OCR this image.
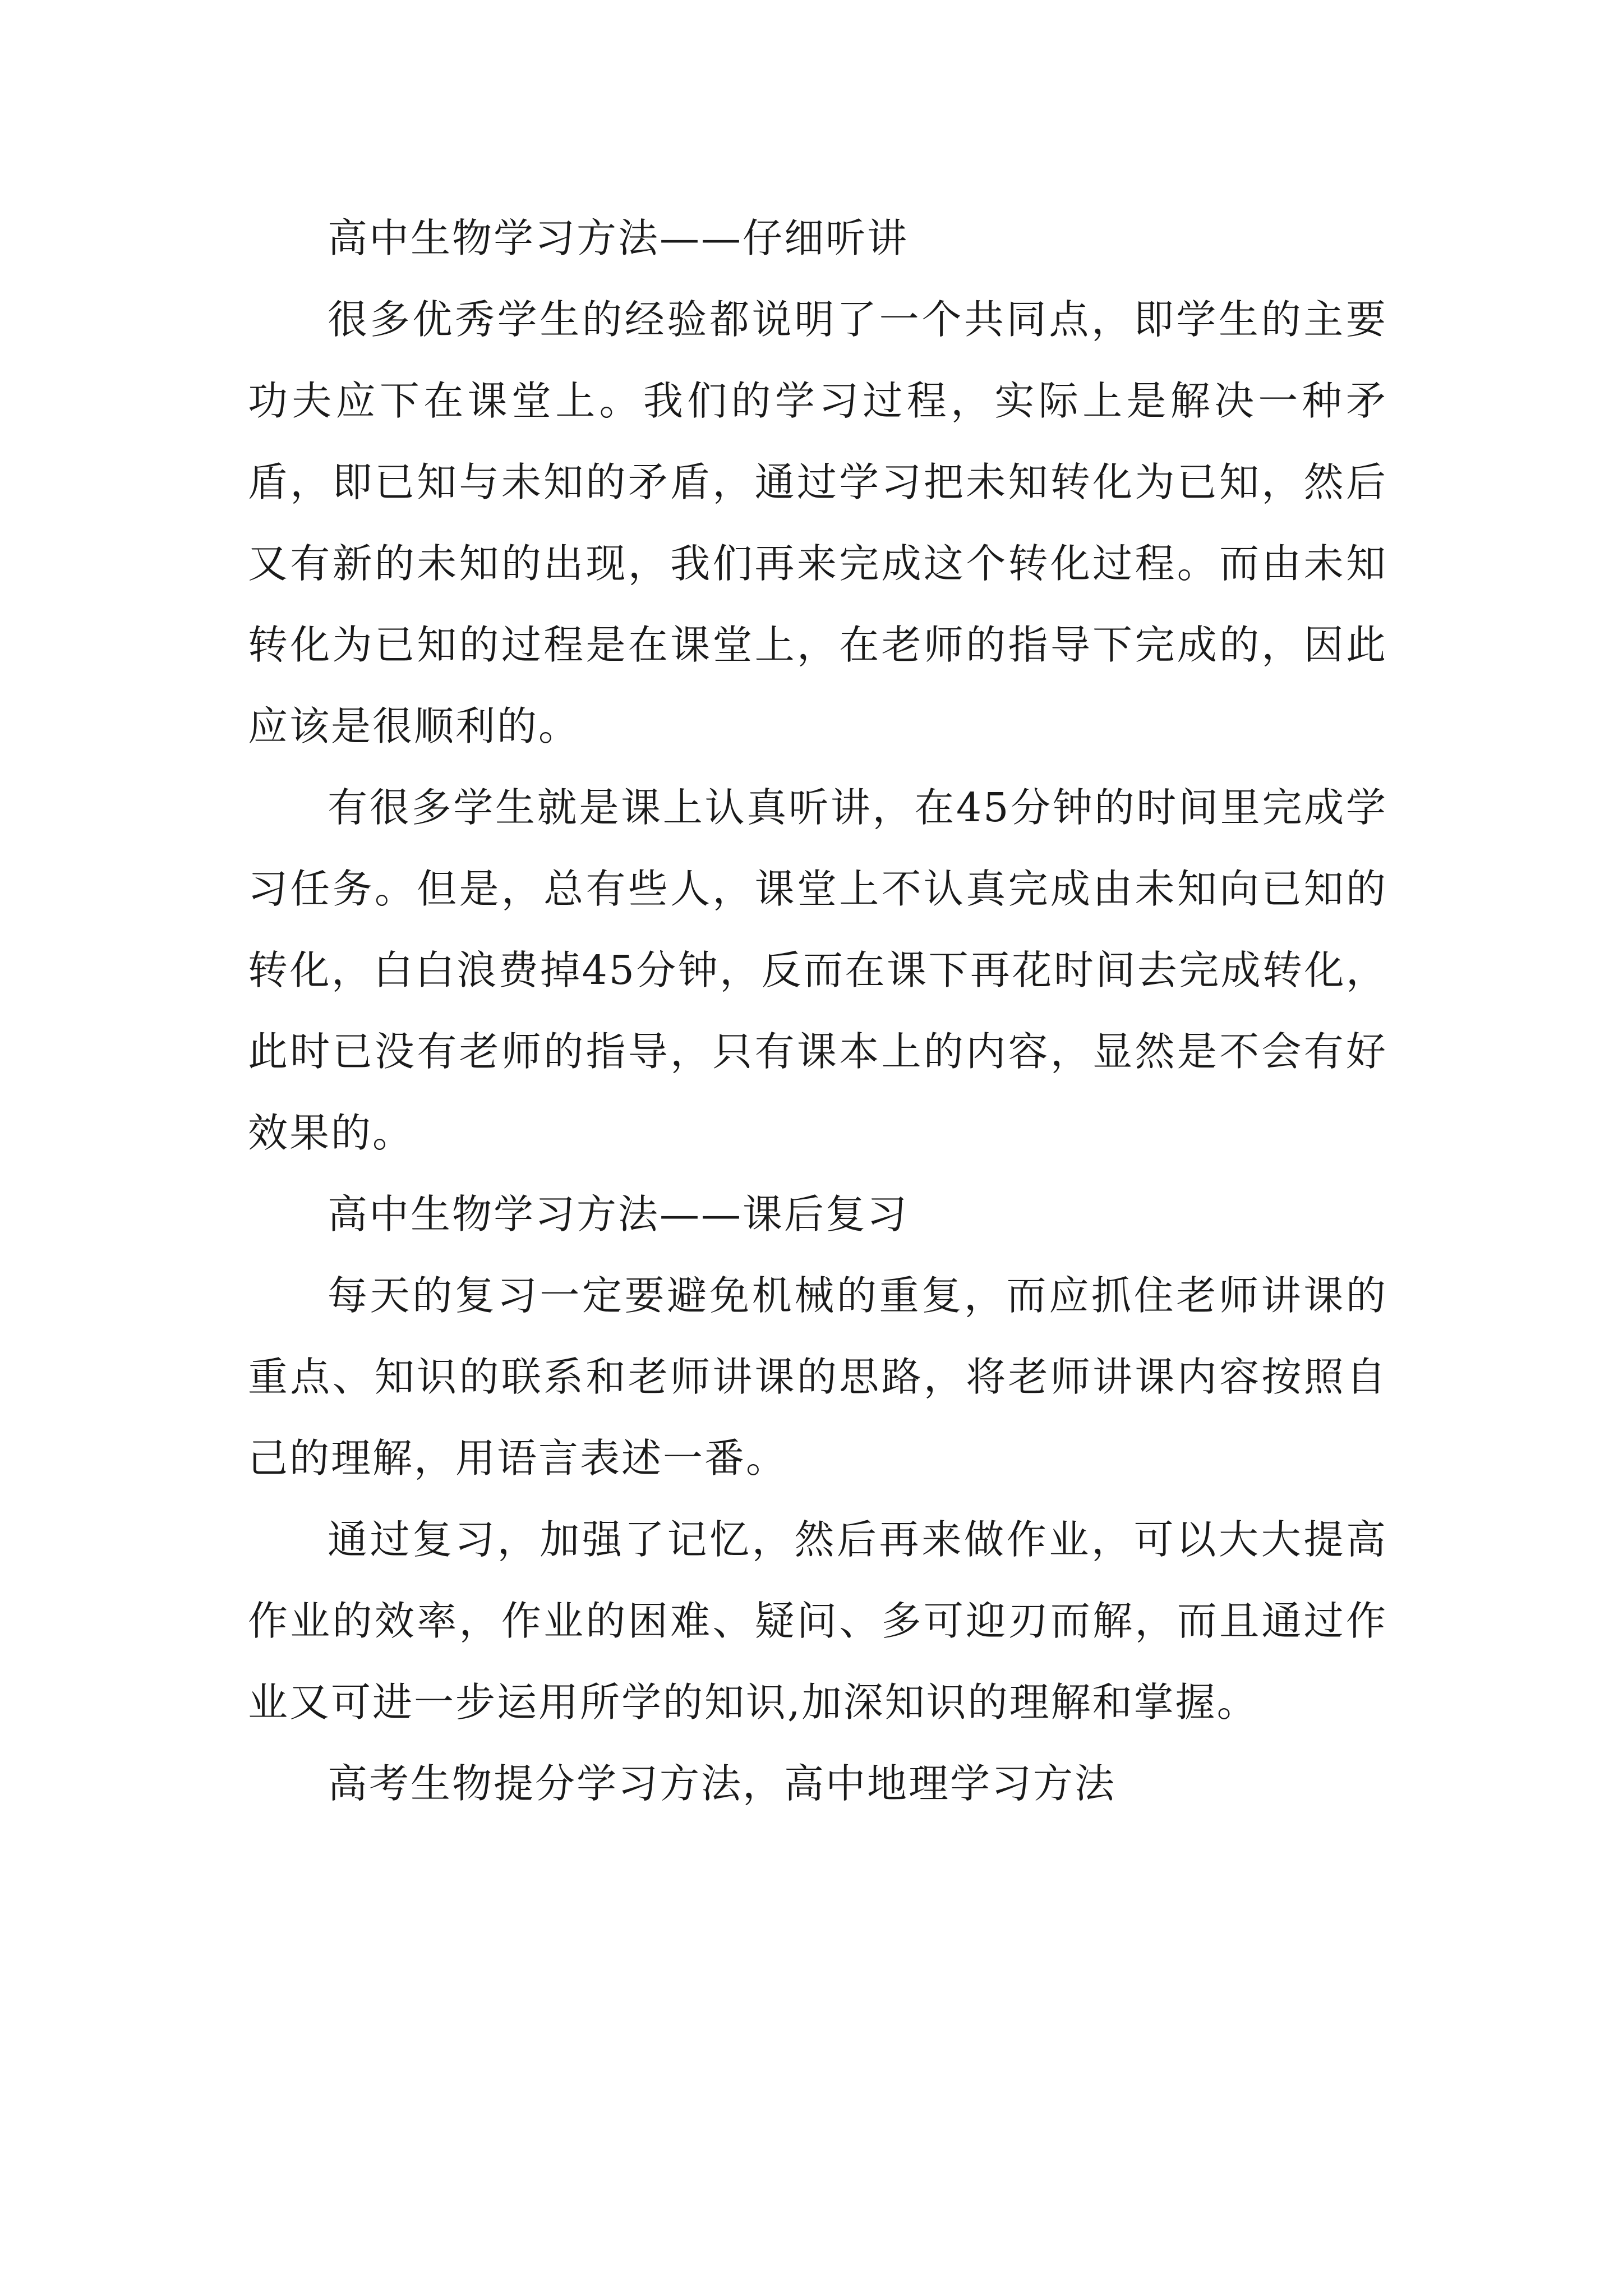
高中生物学习方法——仔细听讲

很多优秀学生的经验都说明了一个共同点，即学生的主要功夫应下在课堂上。我们的学习过程，实际上是解决一种矛盾，即已知与未知的矛盾，通过学习把未知转化为已知，然后又有新的未知的出现，我们再来完成这个转化过程。而由未知转化为已知的过程是在课堂上，在老师的指导下完成的，因此应该是很顺利的。

有很多学生就是课上认真听讲，在45分钟的时间里完成学习任务。但是，总有些人，课堂上不认真完成由未知向已知的转化，白白浪费掉45分钟，反而在课下再花时间去完成转化，此时已没有老师的指导，只有课本上的内容，显然是不会有好效果的。

高中生物学习方法——课后复习

每天的复习一定要避免机械的重复，而应抓住老师讲课的重点、知识的联系和老师讲课的思路，将老师讲课内容按照自己的理解，用语言表述一番。

通过复习，加强了记忆，然后再来做作业，可以大大提高作业的效率，作业的困难、疑问、多可迎刃而解，而且通过作业又可进一步运用所学的知识,加深知识的理解和掌握。

高考生物提分学习方法，高中地理学习方法
